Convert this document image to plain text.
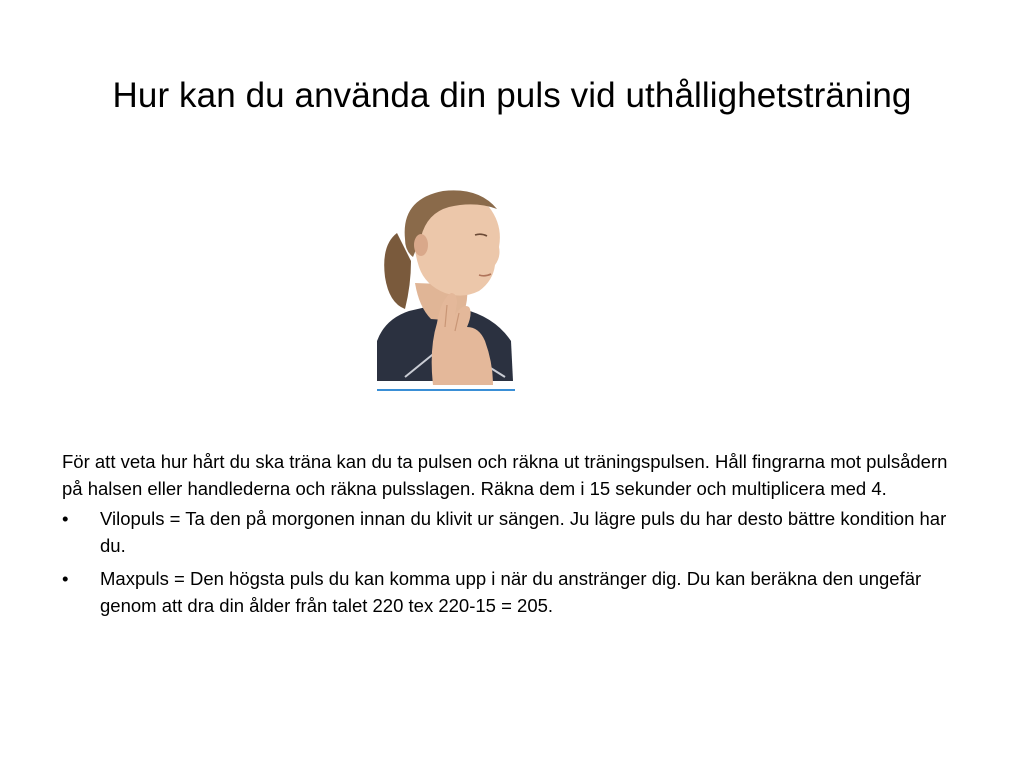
Hur kan du använda din puls vid uthållighetsträning

För att veta hur hårt du ska träna kan du ta pulsen och räkna ut träningspulsen. Håll fingrarna mot pulsådern på halsen eller handlederna och räkna pulsslagen. Räkna dem i 15 sekunder och multiplicera med 4.

•	Vilopuls = Ta den på morgonen innan du klivit ur sängen. Ju lägre puls du har desto bättre kondition har du.
•	Maxpuls = Den högsta puls du kan komma upp i när du anstränger dig. Du kan beräkna den ungefär genom att dra din ålder från talet 220 tex 220-15 = 205.
